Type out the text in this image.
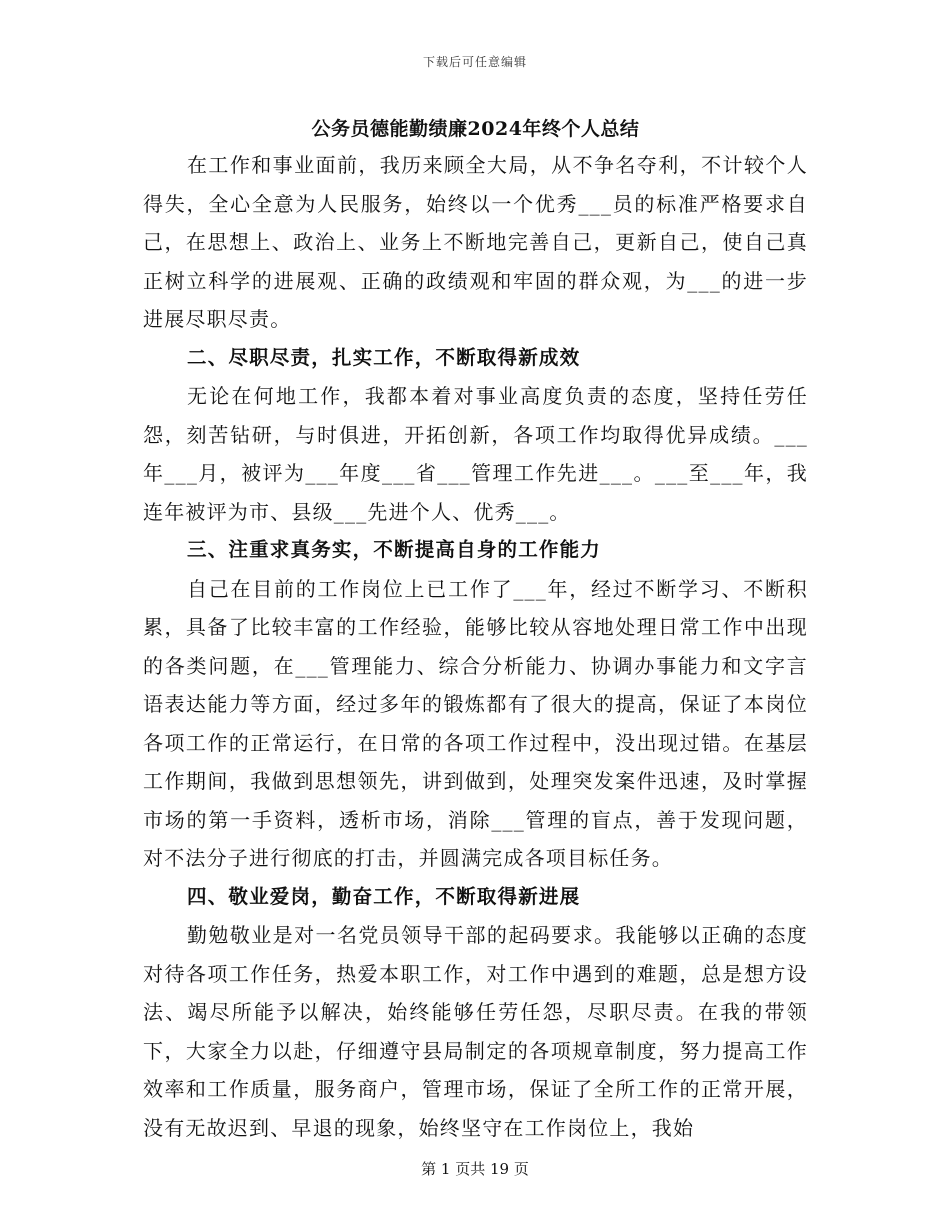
下载后可任意编辑
公务员德能勤绩廉2024年终个人总结

在工作和事业面前，我历来顾全大局，从不争名夺利，不计较个人得失，全心全意为人民服务，始终以一个优秀___员的标准严格要求自己，在思想上、政治上、业务上不断地完善自己，更新自己，使自己真正树立科学的进展观、正确的政绩观和牢固的群众观，为___的进一步进展尽职尽责。

二、尽职尽责，扎实工作，不断取得新成效

无论在何地工作，我都本着对事业高度负责的态度，坚持任劳任怨，刻苦钻研，与时俱进，开拓创新，各项工作均取得优异成绩。___年___月，被评为___年度___省___管理工作先进___。___至___年，我连年被评为市、县级___先进个人、优秀___。

三、注重求真务实，不断提高自身的工作能力

自己在目前的工作岗位上已工作了___年，经过不断学习、不断积累，具备了比较丰富的工作经验，能够比较从容地处理日常工作中出现的各类问题，在___管理能力、综合分析能力、协调办事能力和文字言语表达能力等方面，经过多年的锻炼都有了很大的提高，保证了本岗位各项工作的正常运行，在日常的各项工作过程中，没出现过错。在基层工作期间，我做到思想领先，讲到做到，处理突发案件迅速，及时掌握市场的第一手资料，透析市场，消除___管理的盲点，善于发现问题，对不法分子进行彻底的打击，并圆满完成各项目标任务。

四、敬业爱岗，勤奋工作，不断取得新进展

勤勉敬业是对一名党员领导干部的起码要求。我能够以正确的态度对待各项工作任务，热爱本职工作，对工作中遇到的难题，总是想方设法、竭尽所能予以解决，始终能够任劳任怨，尽职尽责。在我的带领下，大家全力以赴，仔细遵守县局制定的各项规章制度，努力提高工作效率和工作质量，服务商户，管理市场，保证了全所工作的正常开展，没有无故迟到、早退的现象，始终坚守在工作岗位上，我始

第 1 页共 19 页
